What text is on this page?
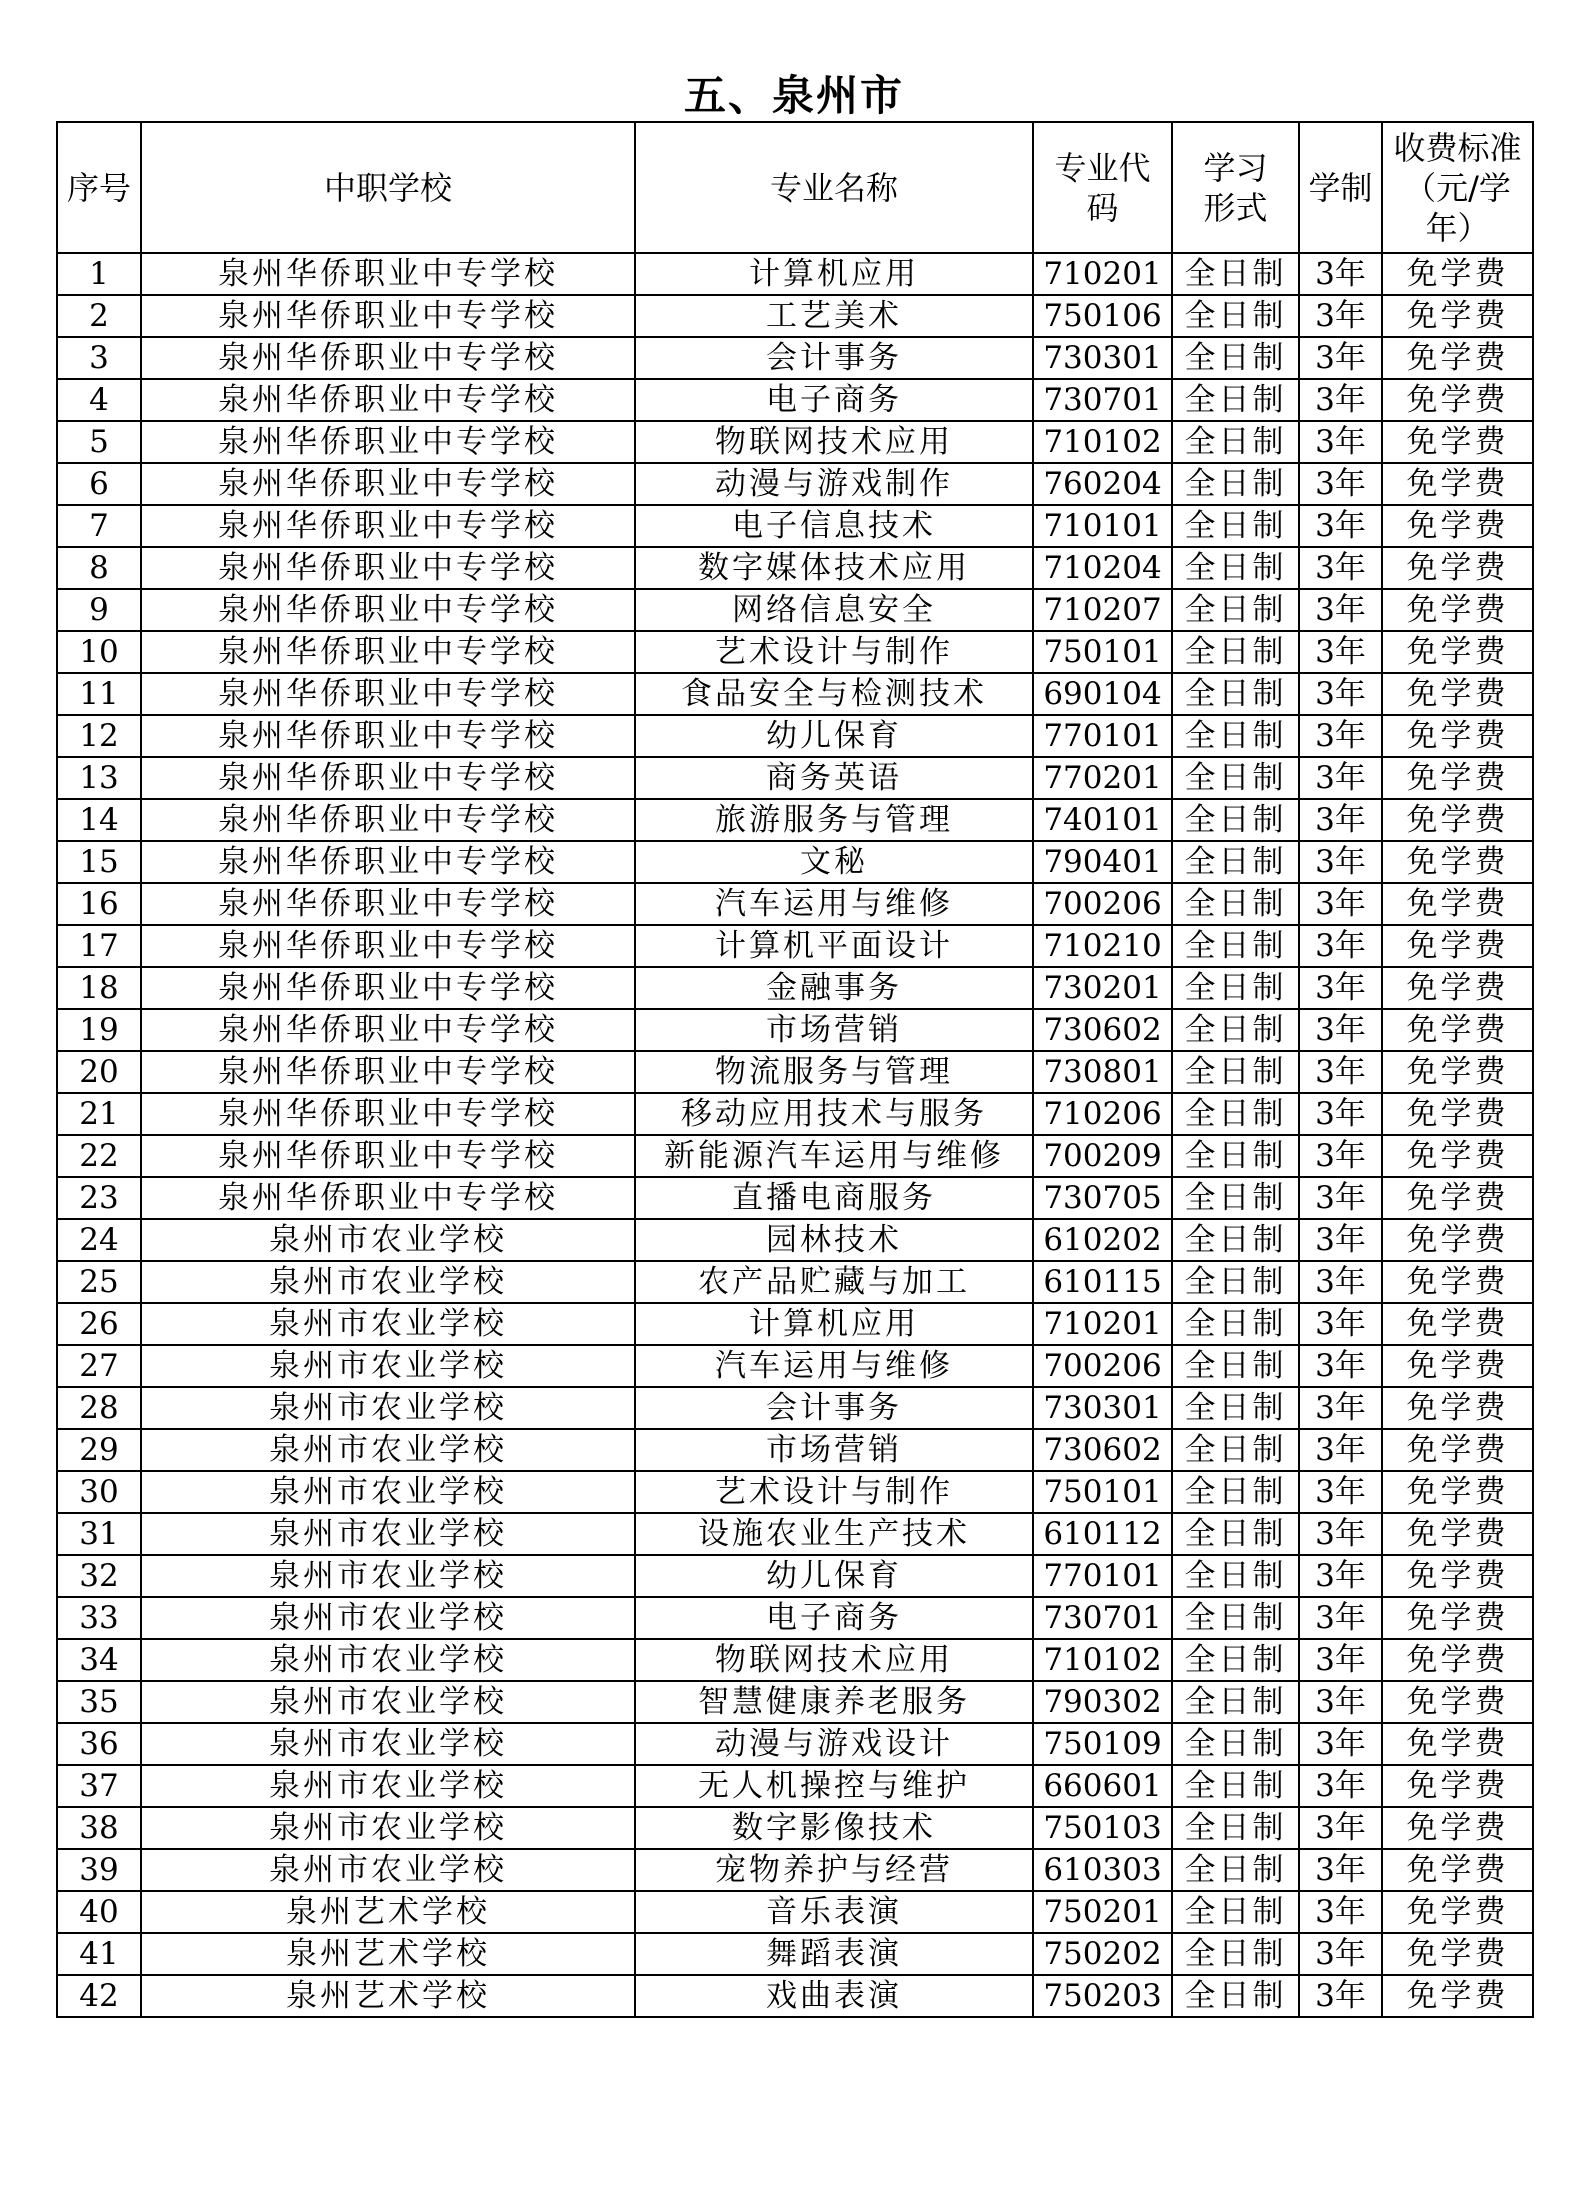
五、泉州市
序号	中职学校	专业名称	专业代码	学习形式	学制	收费标准（元/学年）
1	泉州华侨职业中专学校	计算机应用	710201	全日制	3年	免学费
2	泉州华侨职业中专学校	工艺美术	750106	全日制	3年	免学费
3	泉州华侨职业中专学校	会计事务	730301	全日制	3年	免学费
4	泉州华侨职业中专学校	电子商务	730701	全日制	3年	免学费
5	泉州华侨职业中专学校	物联网技术应用	710102	全日制	3年	免学费
6	泉州华侨职业中专学校	动漫与游戏制作	760204	全日制	3年	免学费
7	泉州华侨职业中专学校	电子信息技术	710101	全日制	3年	免学费
8	泉州华侨职业中专学校	数字媒体技术应用	710204	全日制	3年	免学费
9	泉州华侨职业中专学校	网络信息安全	710207	全日制	3年	免学费
10	泉州华侨职业中专学校	艺术设计与制作	750101	全日制	3年	免学费
11	泉州华侨职业中专学校	食品安全与检测技术	690104	全日制	3年	免学费
12	泉州华侨职业中专学校	幼儿保育	770101	全日制	3年	免学费
13	泉州华侨职业中专学校	商务英语	770201	全日制	3年	免学费
14	泉州华侨职业中专学校	旅游服务与管理	740101	全日制	3年	免学费
15	泉州华侨职业中专学校	文秘	790401	全日制	3年	免学费
16	泉州华侨职业中专学校	汽车运用与维修	700206	全日制	3年	免学费
17	泉州华侨职业中专学校	计算机平面设计	710210	全日制	3年	免学费
18	泉州华侨职业中专学校	金融事务	730201	全日制	3年	免学费
19	泉州华侨职业中专学校	市场营销	730602	全日制	3年	免学费
20	泉州华侨职业中专学校	物流服务与管理	730801	全日制	3年	免学费
21	泉州华侨职业中专学校	移动应用技术与服务	710206	全日制	3年	免学费
22	泉州华侨职业中专学校	新能源汽车运用与维修	700209	全日制	3年	免学费
23	泉州华侨职业中专学校	直播电商服务	730705	全日制	3年	免学费
24	泉州市农业学校	园林技术	610202	全日制	3年	免学费
25	泉州市农业学校	农产品贮藏与加工	610115	全日制	3年	免学费
26	泉州市农业学校	计算机应用	710201	全日制	3年	免学费
27	泉州市农业学校	汽车运用与维修	700206	全日制	3年	免学费
28	泉州市农业学校	会计事务	730301	全日制	3年	免学费
29	泉州市农业学校	市场营销	730602	全日制	3年	免学费
30	泉州市农业学校	艺术设计与制作	750101	全日制	3年	免学费
31	泉州市农业学校	设施农业生产技术	610112	全日制	3年	免学费
32	泉州市农业学校	幼儿保育	770101	全日制	3年	免学费
33	泉州市农业学校	电子商务	730701	全日制	3年	免学费
34	泉州市农业学校	物联网技术应用	710102	全日制	3年	免学费
35	泉州市农业学校	智慧健康养老服务	790302	全日制	3年	免学费
36	泉州市农业学校	动漫与游戏设计	750109	全日制	3年	免学费
37	泉州市农业学校	无人机操控与维护	660601	全日制	3年	免学费
38	泉州市农业学校	数字影像技术	750103	全日制	3年	免学费
39	泉州市农业学校	宠物养护与经营	610303	全日制	3年	免学费
40	泉州艺术学校	音乐表演	750201	全日制	3年	免学费
41	泉州艺术学校	舞蹈表演	750202	全日制	3年	免学费
42	泉州艺术学校	戏曲表演	750203	全日制	3年	免学费
